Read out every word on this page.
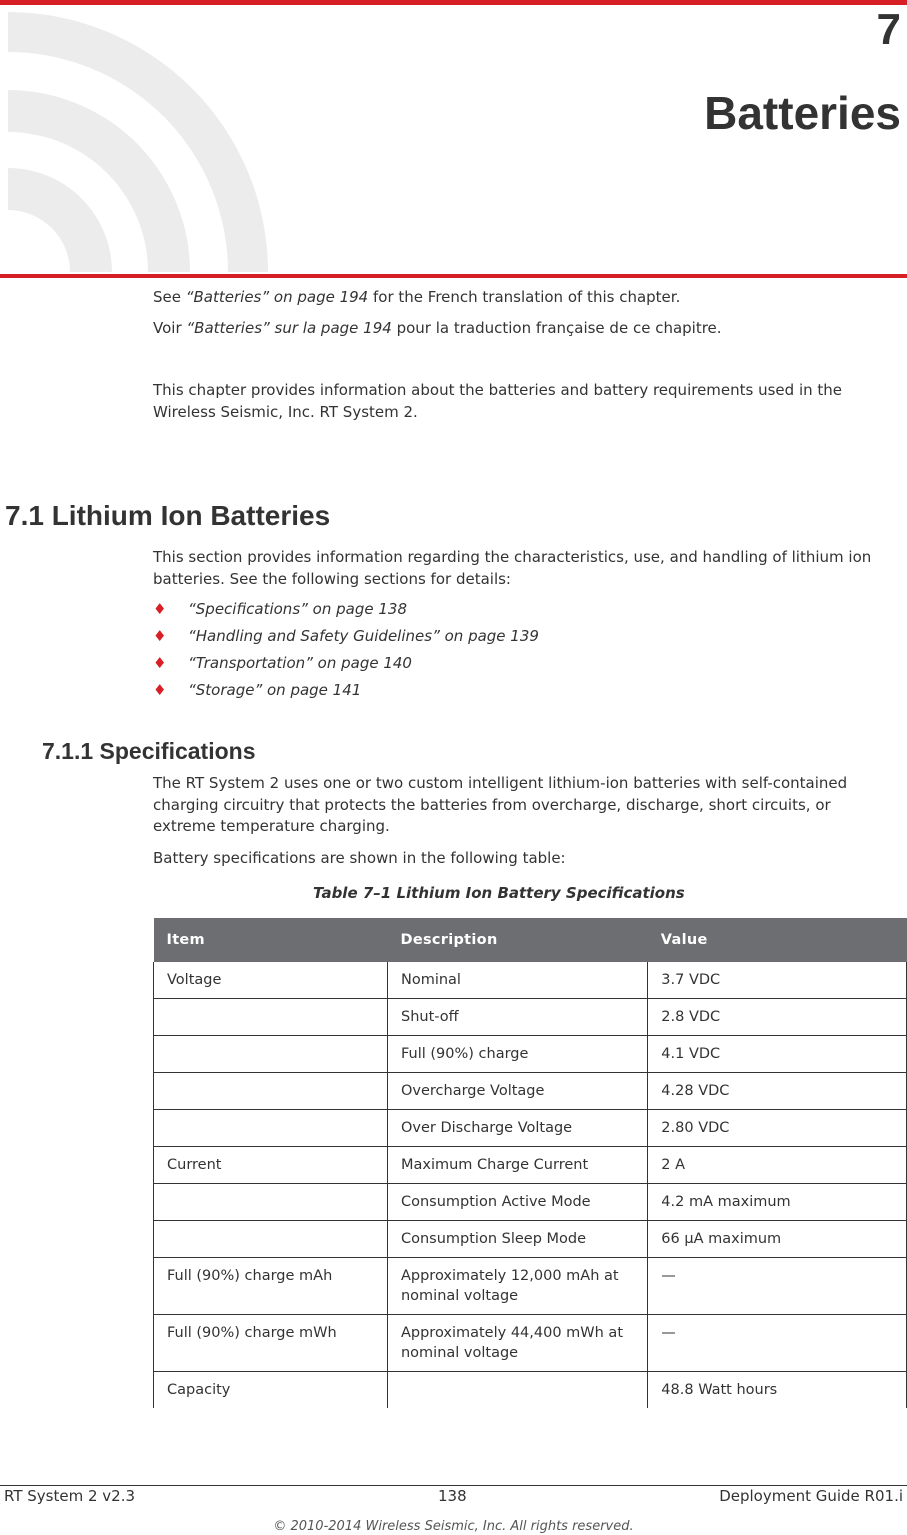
7
Batteries
See “Batteries” on page 194 for the French translation of this chapter.
Voir “Batteries” sur la page 194 pour la traduction française de ce chapitre.
This chapter provides information about the batteries and battery requirements used in the Wireless Seismic, Inc. RT System 2.
7.1 Lithium Ion Batteries
This section provides information regarding the characteristics, use, and handling of lithium ion batteries. See the following sections for details:
♦ “Specifications” on page 138
♦ “Handling and Safety Guidelines” on page 139
♦ “Transportation” on page 140
♦ “Storage” on page 141
7.1.1 Specifications
The RT System 2 uses one or two custom intelligent lithium-ion batteries with self-contained charging circuitry that protects the batteries from overcharge, discharge, short circuits, or extreme temperature charging.
Battery specifications are shown in the following table:
Table 7–1 Lithium Ion Battery Specifications
Item	Description	Value
Voltage	Nominal	3.7 VDC
	Shut-off	2.8 VDC
	Full (90%) charge	4.1 VDC
	Overcharge Voltage	4.28 VDC
	Over Discharge Voltage	2.80 VDC
Current	Maximum Charge Current	2 A
	Consumption Active Mode	4.2 mA maximum
	Consumption Sleep Mode	66 µA maximum
Full (90%) charge mAh	Approximately 12,000 mAh at nominal voltage	—
Full (90%) charge mWh	Approximately 44,400 mWh at nominal voltage	—
Capacity		48.8 Watt hours
RT System 2 v2.3	138	Deployment Guide R01.i
© 2010-2014 Wireless Seismic, Inc. All rights reserved.
